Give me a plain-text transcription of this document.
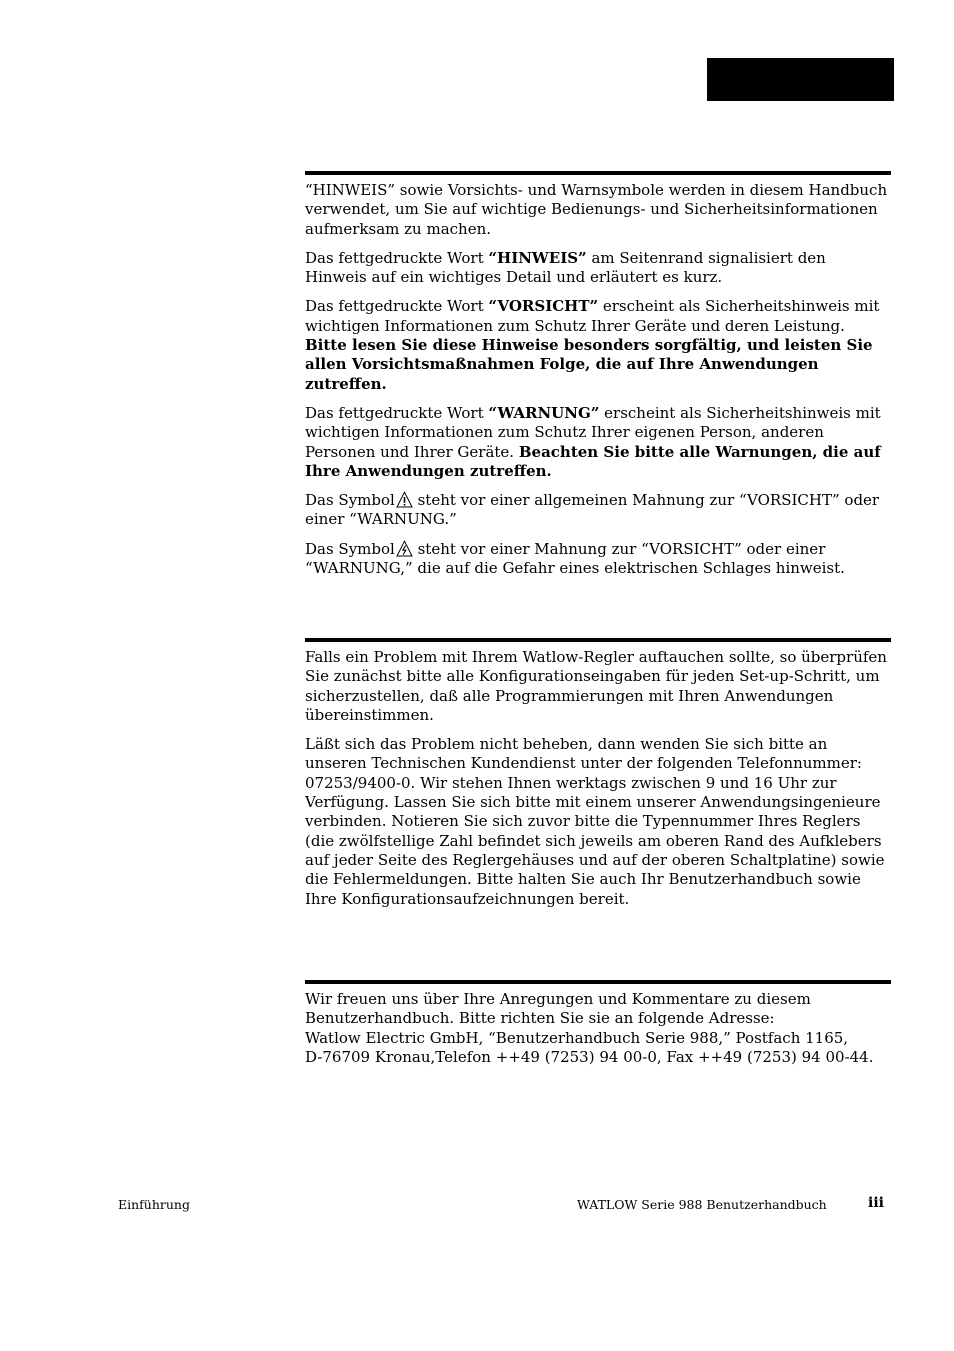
“HINWEIS” sowie Vorsichts- und Warnsymbole werden in diesem Handbuch verwendet, um Sie auf wichtige Bedienungs- und Sicherheitsinformationen aufmerksam zu machen.

Das fettgedruckte Wort “HINWEIS” am Seitenrand signalisiert den Hinweis auf ein wichtiges Detail und erläutert es kurz.

Das fettgedruckte Wort “VORSICHT” erscheint als Sicherheitshinweis mit wichtigen Informationen zum Schutz Ihrer Geräte und deren Leistung. Bitte lesen Sie diese Hinweise besonders sorgfältig, und leisten Sie allen Vorsichtsmaßnahmen Folge, die auf Ihre Anwendungen zutreffen.

Das fettgedruckte Wort “WARNUNG” erscheint als Sicherheitshinweis mit wichtigen Informationen zum Schutz Ihrer eigenen Person, anderen Personen und Ihrer Geräte. Beachten Sie bitte alle Warnungen, die auf Ihre Anwendungen zutreffen.

Das Symbol
steht vor einer allgemeinen Mahnung zur “VORSICHT” oder einer “WARNUNG.”

Das Symbol
steht vor einer Mahnung zur “VORSICHT” oder einer “WARNUNG,” die auf die Gefahr eines elektrischen Schlages hinweist.

Falls ein Problem mit Ihrem Watlow-Regler auftauchen sollte, so überprüfen Sie zunächst bitte alle Konfigurationseingaben für jeden Set-up-Schritt, um sicherzustellen, daß alle Programmierungen mit Ihren Anwendungen übereinstimmen.

Läßt sich das Problem nicht beheben, dann wenden Sie sich bitte an unseren Technischen Kundendienst unter der folgenden Telefonnummer: 07253/9400-0. Wir stehen Ihnen werktags zwischen 9 und 16 Uhr zur Verfügung. Lassen Sie sich bitte mit einem unserer Anwendungsingenieure verbinden. Notieren Sie sich zuvor bitte die Typennummer Ihres Reglers (die zwölfstellige Zahl befindet sich jeweils am oberen Rand des Aufklebers auf jeder Seite des Reglergehäuses und auf der oberen Schaltplatine) sowie die Fehlermeldungen. Bitte halten Sie auch Ihr Benutzerhandbuch sowie Ihre Konfigurationsaufzeichnungen bereit.

Wir freuen uns über Ihre Anregungen und Kommentare zu diesem
Benutzerhandbuch. Bitte richten Sie sie an folgende Adresse:
Watlow Electric GmbH, “Benutzerhandbuch Serie 988,” Postfach 1165,
D-76709 Kronau,Telefon ++49 (7253) 94 00-0, Fax ++49 (7253) 94 00-44.

Einführung	WATLOW Serie 988 Benutzerhandbuch	iii
